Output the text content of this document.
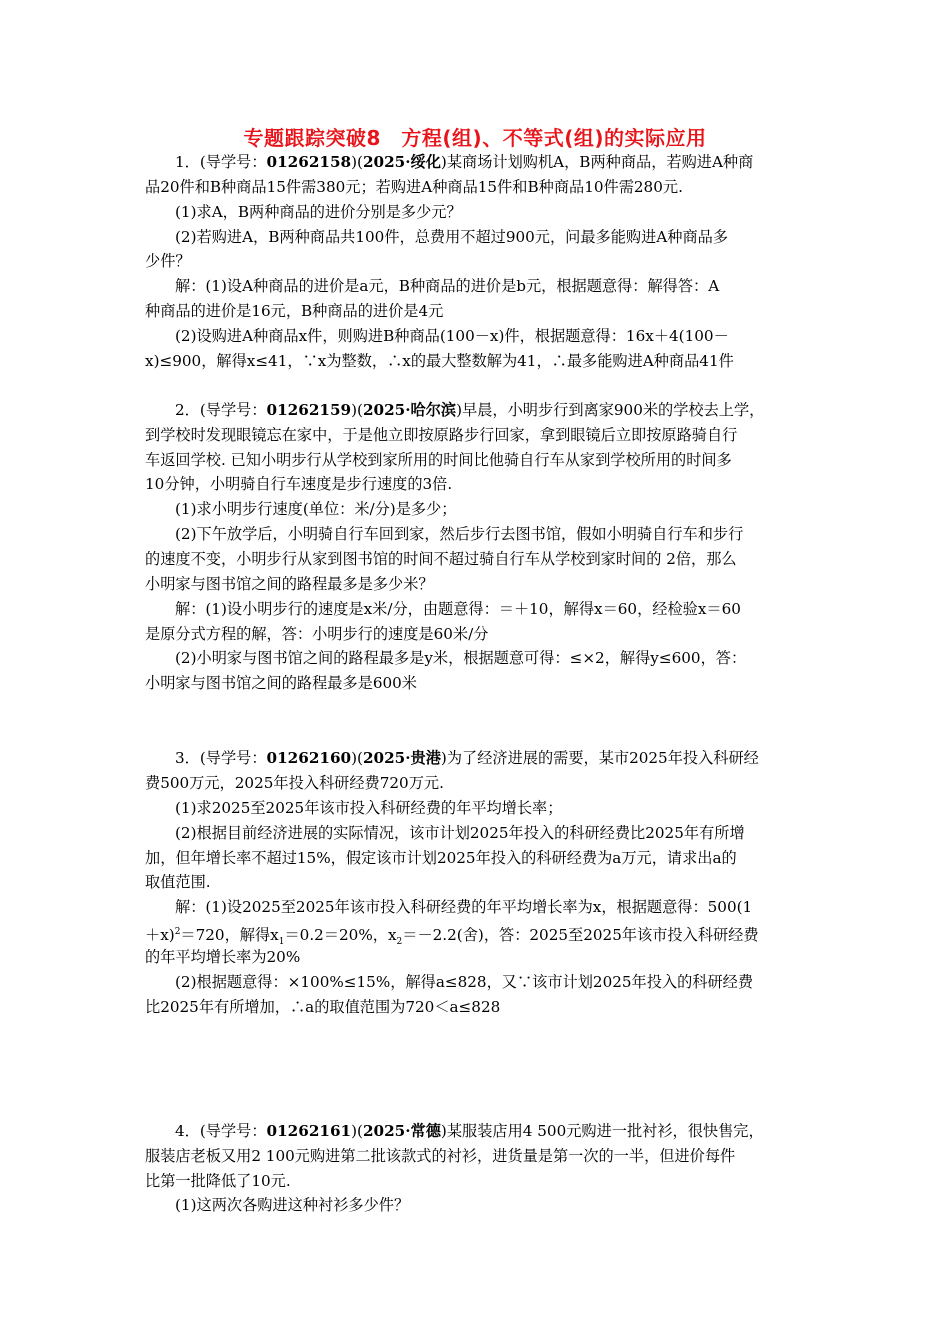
专题跟踪突破8　方程(组)、不等式(组)的实际应用
1．(导学号：01262158)(2025·绥化)某商场计划购机A，B两种商品，若购进A种商
品20件和B种商品15件需380元；若购进A种商品15件和B种商品10件需280元.
(1)求A，B两种商品的进价分别是多少元？
(2)若购进A，B两种商品共100件，总费用不超过900元，问最多能购进A种商品多
少件？
解：(1)设A种商品的进价是a元，B种商品的进价是b元，根据题意得：解得答：A
种商品的进价是16元，B种商品的进价是4元
(2)设购进A种商品x件，则购进B种商品(100－x)件，根据题意得：16x＋4(100－
x)≤900，解得x≤41，∵x为整数，∴x的最大整数解为41，∴最多能购进A种商品41件
2．(导学号：01262159)(2025·哈尔滨)早晨，小明步行到离家900米的学校去上学，
到学校时发现眼镜忘在家中，于是他立即按原路步行回家，拿到眼镜后立即按原路骑自行
车返回学校. 已知小明步行从学校到家所用的时间比他骑自行车从家到学校所用的时间多
10分钟，小明骑自行车速度是步行速度的3倍.
(1)求小明步行速度(单位：米/分)是多少；
(2)下午放学后，小明骑自行车回到家，然后步行去图书馆，假如小明骑自行车和步行
的速度不变，小明步行从家到图书馆的时间不超过骑自行车从学校到家时间的 2倍，那么
小明家与图书馆之间的路程最多是多少米？
解：(1)设小明步行的速度是x米/分，由题意得：＝＋10，解得x＝60，经检验x＝60
是原分式方程的解，答：小明步行的速度是60米/分
(2)小明家与图书馆之间的路程最多是y米，根据题意可得：≤×2，解得y≤600，答：
小明家与图书馆之间的路程最多是600米
3．(导学号：01262160)(2025·贵港)为了经济进展的需要，某市2025年投入科研经
费500万元，2025年投入科研经费720万元.
(1)求2025至2025年该市投入科研经费的年平均增长率；
(2)根据目前经济进展的实际情况，该市计划2025年投入的科研经费比2025年有所增
加，但年增长率不超过15%，假定该市计划2025年投入的科研经费为a万元，请求出a的
取值范围.
解：(1)设2025至2025年该市投入科研经费的年平均增长率为x，根据题意得：500(1
＋x)$^2$＝720，解得$x_1=0.2=20\%$，$x_2=-2.2$(舍)，答：2025至2025年该市投入科研经费
的年平均增长率为20%
(2)根据题意得：×100%≤15%，解得a≤828，又∵该市计划2025年投入的科研经费
比2025年有所增加，∴a的取值范围为720＜a≤828
4．(导学号：01262161)(2025·常德)某服装店用4 500元购进一批衬衫，很快售完，
服装店老板又用2 100元购进第二批该款式的衬衫，进货量是第一次的一半，但进价每件
比第一批降低了10元.
(1)这两次各购进这种衬衫多少件？
